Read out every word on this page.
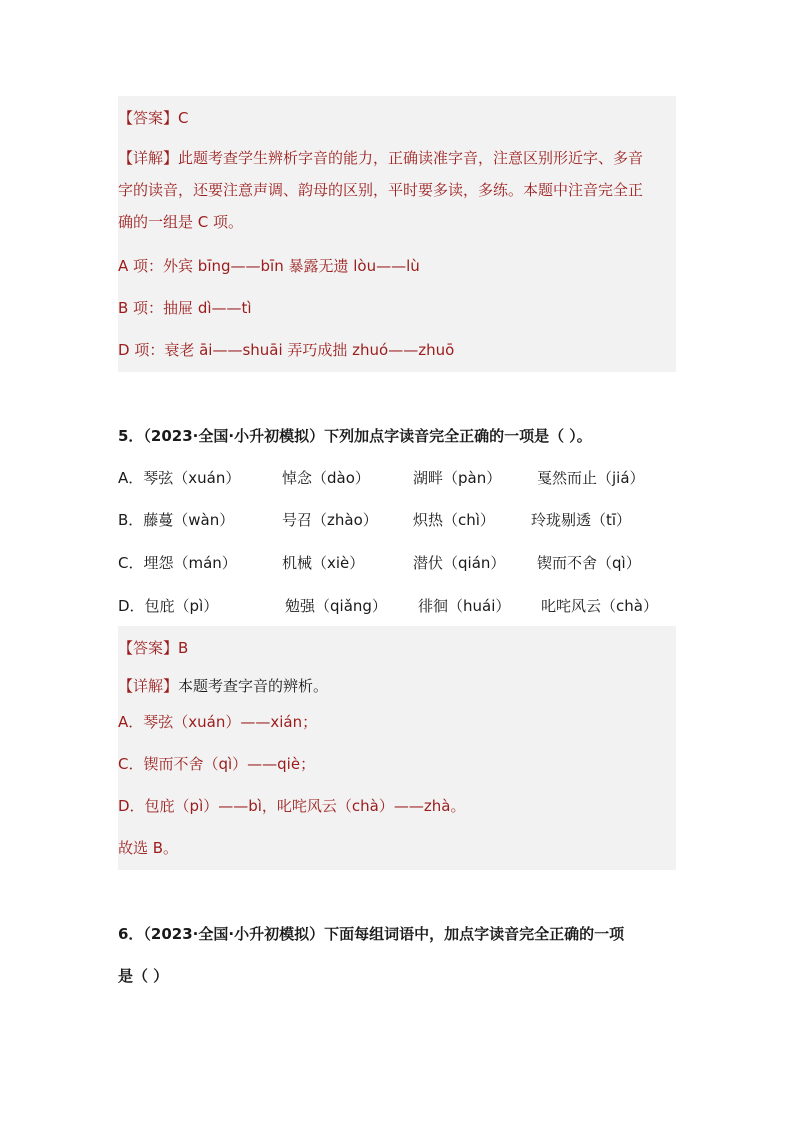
【答案】C
【详解】此题考查学生辨析字音的能力，正确读准字音，注意区别形近字、多音
字的读音，还要注意声调、韵母的区别，平时要多读，多练。本题中注音完全正
确的一组是 C 项。
A 项：外宾 bīng——bīn 暴露无遗 lòu——lù
B 项：抽屉 dì——tì
D 项：衰老 āi——shuāi 弄巧成拙 zhuó——zhuō
5．（2023·全国·小升初模拟）下列加点字读音完全正确的一项是（ ）。
A．琴弦（xuán）	悼念（dào）	湖畔（pàn） 戛然而止（jiá）
B．藤蔓（wàn）	号召（zhào） 炽热（chì） 玲珑剔透（tī）
C．埋怨（mán）	机械（xiè）	潜伏（qián） 锲而不舍（qì）
D．包庇（pì）	勉强（qiǎng） 徘徊（huái） 叱咤风云（chà）
【答案】B
【详解】本题考查字音的辨析。
A．琴弦（xuán）——xián；
C．锲而不舍（qì）——qiè；
D．包庇（pì）——bì，叱咤风云（chà）——zhà。
故选 B。
6．（2023·全国·小升初模拟）下面每组词语中，加点字读音完全正确的一项
是（ ）
